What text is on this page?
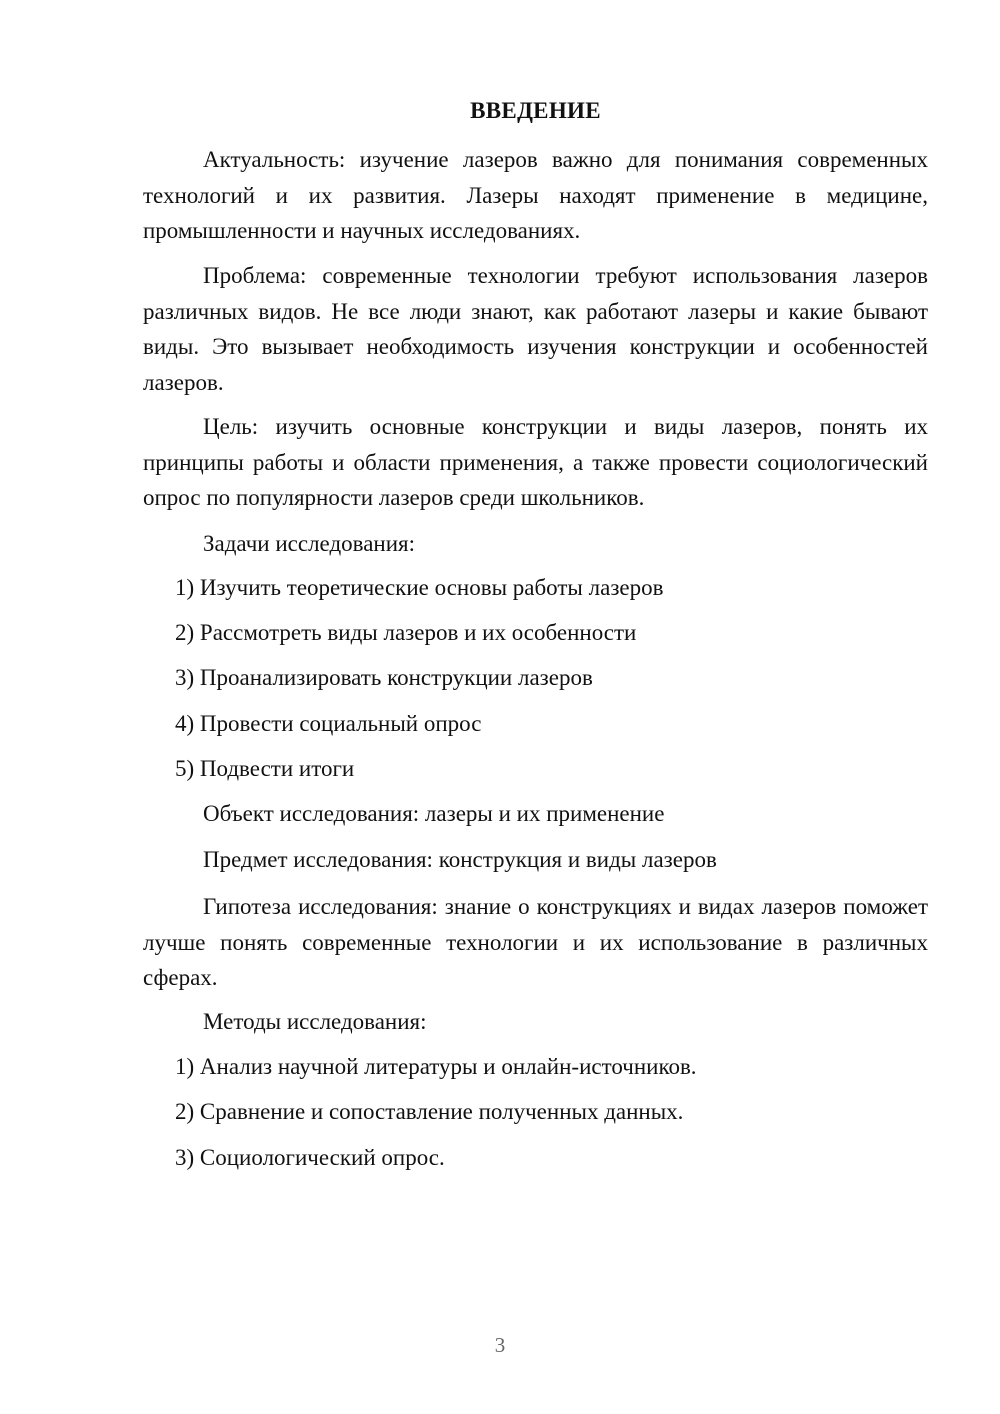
ВВЕДЕНИЕ

Актуальность: изучение лазеров важно для понимания современных технологий и их развития. Лазеры находят применение в медицине, промышленности и научных исследованиях.

Проблема: современные технологии требуют использования лазеров различных видов. Не все люди знают, как работают лазеры и какие бывают виды. Это вызывает необходимость изучения конструкции и особенностей лазеров.

Цель: изучить основные конструкции и виды лазеров, понять их принципы работы и области применения, а также провести социологический опрос по популярности лазеров среди школьников.

Задачи исследования:

1) Изучить теоретические основы работы лазеров

2) Рассмотреть виды лазеров и их особенности

3) Проанализировать конструкции лазеров

4) Провести социальный опрос

5) Подвести итоги

Объект исследования: лазеры и их применение

Предмет исследования: конструкция и виды лазеров

Гипотеза исследования: знание о конструкциях и видах лазеров поможет лучше понять современные технологии и их использование в различных сферах.

Методы исследования:

1) Анализ научной литературы и онлайн-источников.

2) Сравнение и сопоставление полученных данных.

3) Социологический опрос.

3
